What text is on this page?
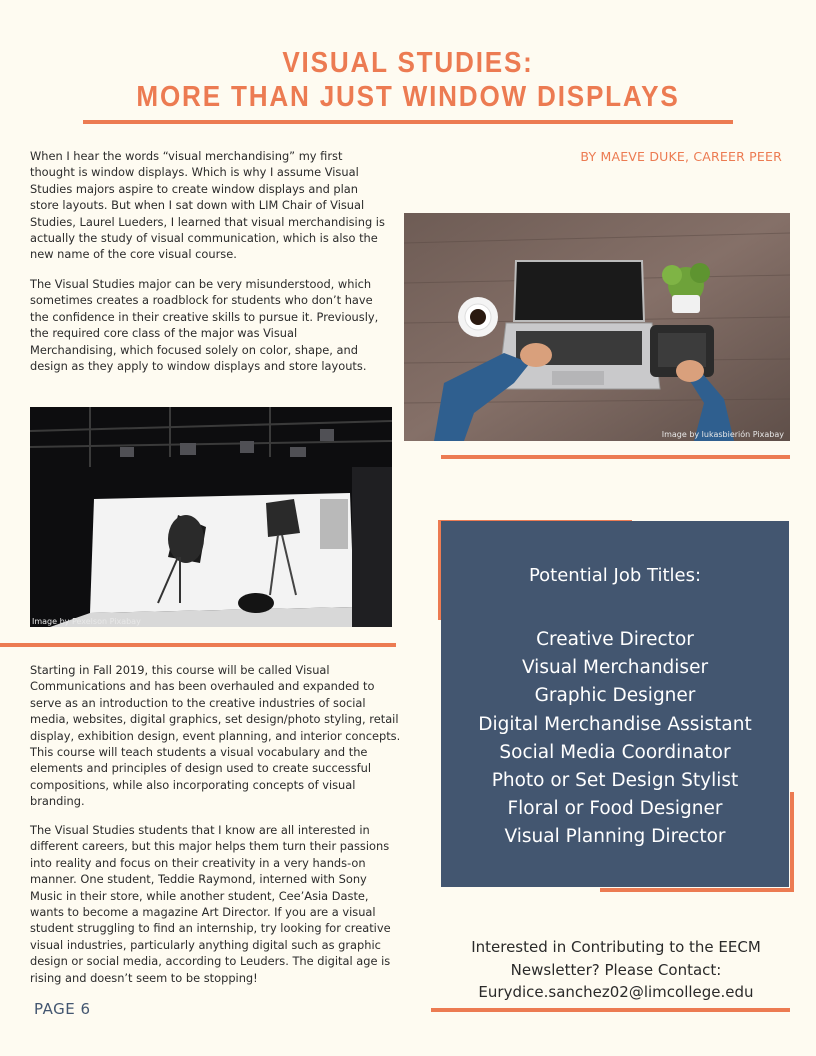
VISUAL STUDIES:
MORE THAN JUST WINDOW DISPLAYS
BY MAEVE DUKE, CAREER PEER

When I hear the words “visual merchandising” my first
thought is window displays. Which is why I assume Visual
Studies majors aspire to create window displays and plan
store layouts. But when I sat down with LIM Chair of Visual
Studies, Laurel Lueders, I learned that visual merchandising is
actually the study of visual communication, which is also the
new name of the core visual course.

The Visual Studies major can be very misunderstood, which
sometimes creates a roadblock for students who don’t have
the confidence in their creative skills to pursue it. Previously,
the required core class of the major was Visual
Merchandising, which focused solely on color, shape, and
design as they apply to window displays and store layouts.

Image by lukasbierión Pixabay
Image by Pexelson Pixabay

Starting in Fall 2019, this course will be called Visual
Communications and has been overhauled and expanded to
serve as an introduction to the creative industries of social
media, websites, digital graphics, set design/photo styling, retail
display, exhibition design, event planning, and interior concepts.
This course will teach students a visual vocabulary and the
elements and principles of design used to create successful
compositions, while also incorporating concepts of visual
branding.

The Visual Studies students that I know are all interested in
different careers, but this major helps them turn their passions
into reality and focus on their creativity in a very hands-on
manner. One student, Teddie Raymond, interned with Sony
Music in their store, while another student, Cee’Asia Daste,
wants to become a magazine Art Director. If you are a visual
student struggling to find an internship, try looking for creative
visual industries, particularly anything digital such as graphic
design or social media, according to Leuders. The digital age is
rising and doesn’t seem to be stopping!

Potential Job Titles:
Creative Director
Visual Merchandiser
Graphic Designer
Digital Merchandise Assistant
Social Media Coordinator
Photo or Set Design Stylist
Floral or Food Designer
Visual Planning Director
Interested in Contributing to the EECM
Newsletter? Please Contact:
Eurydice.sanchez02@limcollege.edu
PAGE 6
